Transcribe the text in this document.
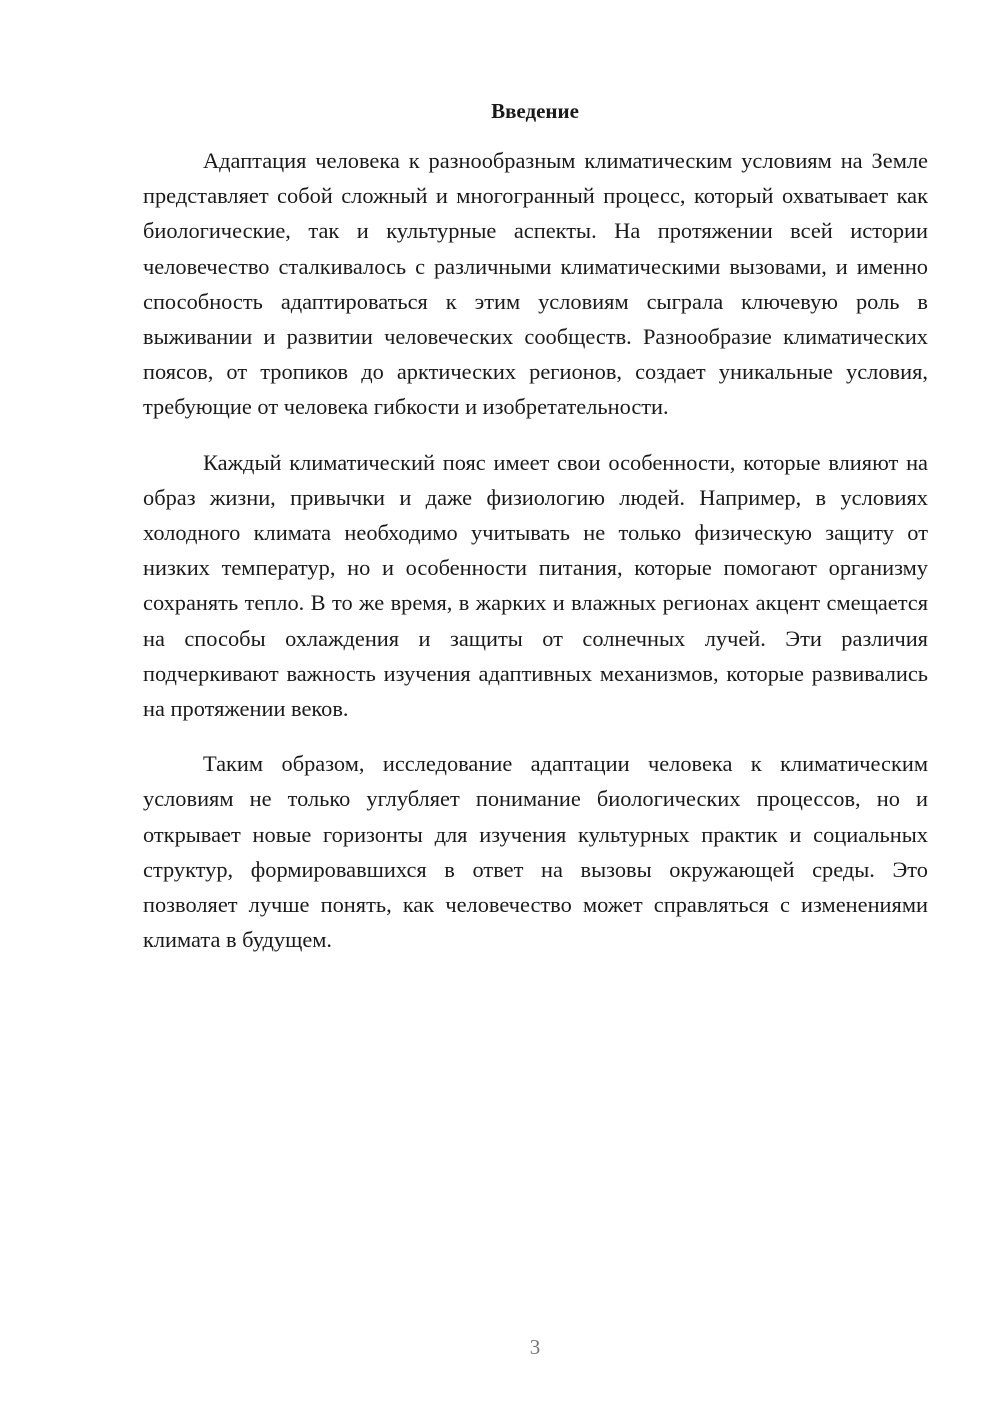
Введение

Адаптация человека к разнообразным климатическим условиям на Земле представляет собой сложный и многогранный процесс, который охватывает как биологические, так и культурные аспекты. На протяжении всей истории человечество сталкивалось с различными климатическими вызовами, и именно способность адаптироваться к этим условиям сыграла ключевую роль в выживании и развитии человеческих сообществ. Разнообразие климатических поясов, от тропиков до арктических регионов, создает уникальные условия, требующие от человека гибкости и изобретательности.

Каждый климатический пояс имеет свои особенности, которые влияют на образ жизни, привычки и даже физиологию людей. Например, в условиях холодного климата необходимо учитывать не только физическую защиту от низких температур, но и особенности питания, которые помогают организму сохранять тепло. В то же время, в жарких и влажных регионах акцент смещается на способы охлаждения и защиты от солнечных лучей. Эти различия подчеркивают важность изучения адаптивных механизмов, которые развивались на протяжении веков.

Таким образом, исследование адаптации человека к климатическим условиям не только углубляет понимание биологических процессов, но и открывает новые горизонты для изучения культурных практик и социальных структур, формировавшихся в ответ на вызовы окружающей среды. Это позволяет лучше понять, как человечество может справляться с изменениями климата в будущем.

3
